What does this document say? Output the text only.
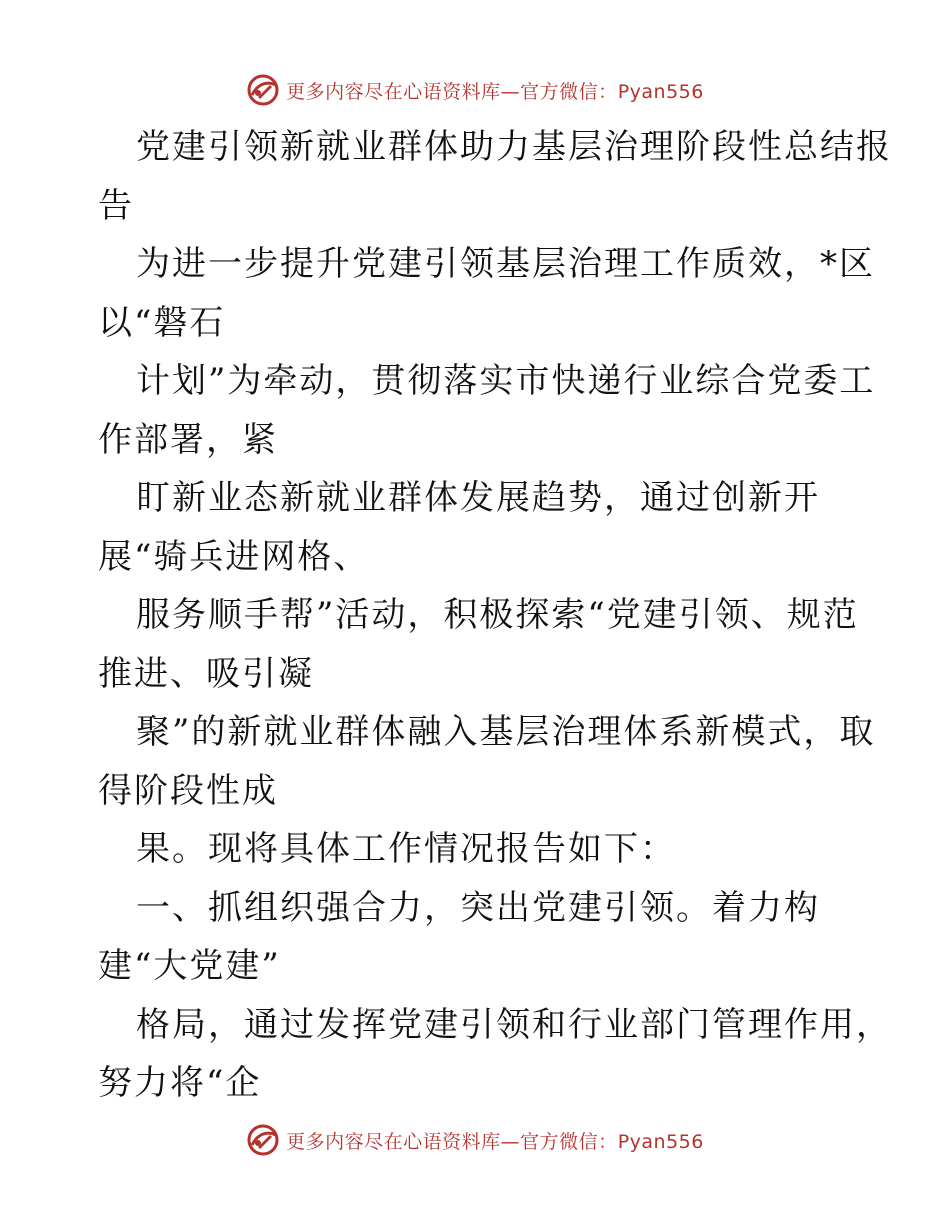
更多内容尽在心语资料库—官方微信：Pyan556
党建引领新就业群体助力基层治理阶段性总结报
告
为进一步提升党建引领基层治理工作质效，*区
以“磐石
计划”为牵动，贯彻落实市快递行业综合党委工
作部署，紧
盯新业态新就业群体发展趋势，通过创新开
展“骑兵进网格、
服务顺手帮”活动，积极探索“党建引领、规范
推进、吸引凝
聚”的新就业群体融入基层治理体系新模式，取
得阶段性成
果。现将具体工作情况报告如下：
一、抓组织强合力，突出党建引领。着力构
建“大党建”
格局，通过发挥党建引领和行业部门管理作用，
努力将“企
更多内容尽在心语资料库—官方微信：Pyan556
